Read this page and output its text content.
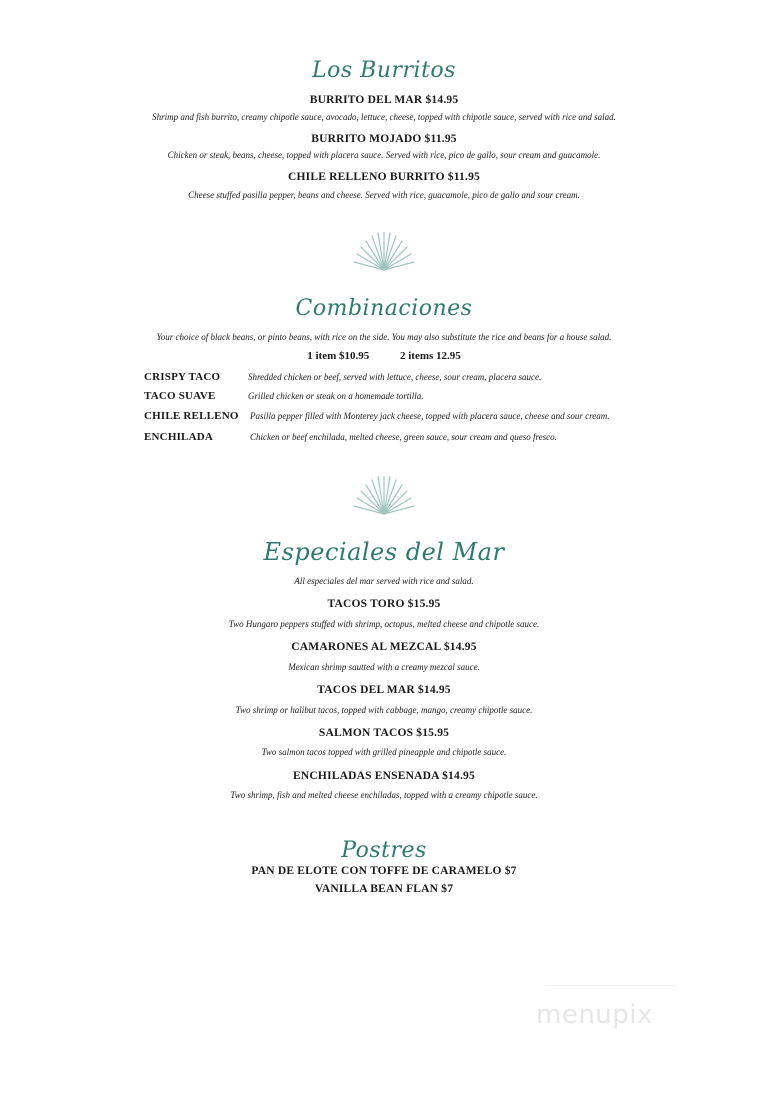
Los Burritos
BURRITO DEL MAR $14.95
Shrimp and fish burrito, creamy chipotle sauce, avocado, lettuce, cheese, topped with chipotle sauce, served with rice and salad.
BURRITO MOJADO $11.95
Chicken or steak, beans, cheese, topped with placera sauce. Served with rice, pico de gallo, sour cream and guacamole.
CHILE RELLENO BURRITO $11.95
Cheese stuffed pasilla pepper, beans and cheese. Served with rice, guacamole, pico de gallo and sour cream.
Combinaciones
Your choice of black beans, or pinto beans, with rice on the side. You may also substitute the rice and beans for a house salad.
1 item $10.95	2 items 12.95
CRISPY TACO	Shredded chicken or beef, served with lettuce, cheese, sour cream, placera sauce.
TACO SUAVE	Grilled chicken or steak on a homemade tortilla.
CHILE RELLENO Pasilla pepper filled with Monterey jack cheese, topped with placera sauce, cheese and sour cream.
ENCHILADA	Chicken or beef enchilada, melted cheese, green sauce, sour cream and queso fresco.
Especiales del Mar
All especiales del mar served with rice and salad.
TACOS TORO $15.95
Two Hungaro peppers stuffed with shrimp, octopus, melted cheese and chipotle sauce.
CAMARONES AL MEZCAL $14.95
Mexican shrimp sautted with a creamy mezcal sauce.
TACOS DEL MAR $14.95
Two shrimp or halibut tacos, topped with cabbage, mango, creamy chipotle sauce.
SALMON TACOS $15.95
Two salmon tacos topped with grilled pineapple and chipotle sauce.
ENCHILADAS ENSENADA $14.95
Two shrimp, fish and melted cheese enchiladas, topped with a creamy chipotle sauce.
Postres
PAN DE ELOTE CON TOFFE DE CARAMELO $7
VANILLA BEAN FLAN $7
menupix
